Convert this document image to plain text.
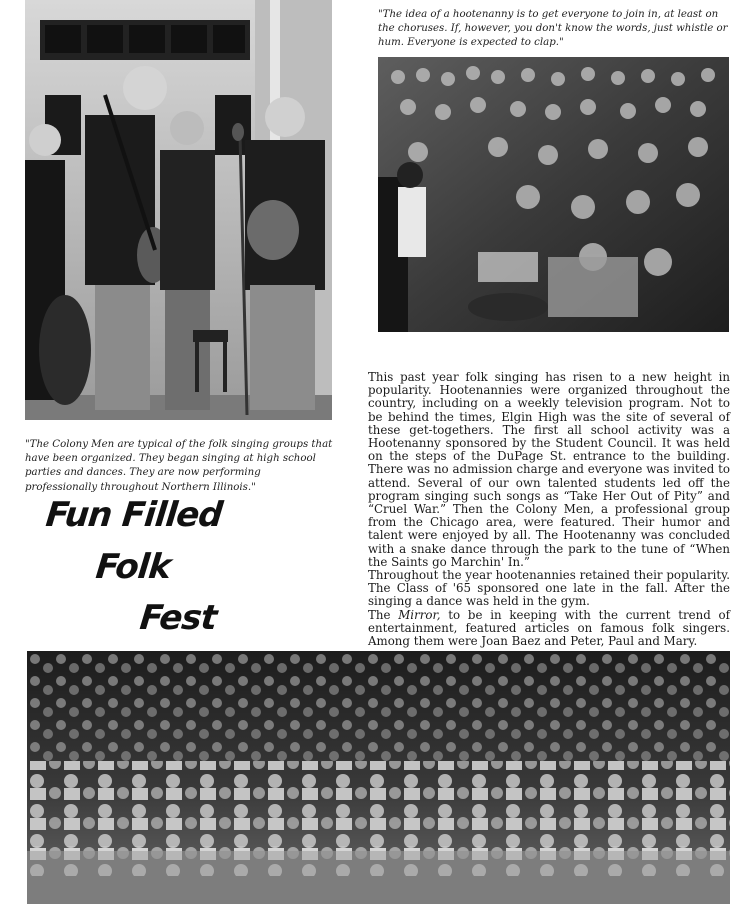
"The idea of a hootenanny is to get everyone to join in, at least on the choruses. If, however, you don't know the words, just whistle or hum. Everyone is expected to clap."
"The Colony Men are typical of the folk singing groups that have been organized. They began singing at high school parties and dances. They are now performing professionally throughout Northern Illinois."
Fun Filled
Folk
Fest

This past year folk singing has risen to a new height in popularity. Hootenannies were organized throughout the country, including on a weekly television program. Not to be behind the times, Elgin High was the site of several of these get-togethers. The first all school activity was a Hootenanny sponsored by the Student Council. It was held on the steps of the DuPage St. entrance to the building. There was no admission charge and everyone was invited to attend. Several of our own talented students led off the program singing such songs as “Take Her Out of Pity” and “Cruel War.” Then the Colony Men, a professional group from the Chicago area, were featured. Their humor and talent were enjoyed by all. The Hootenanny was concluded with a snake dance through the park to the tune of “When the Saints go Marchin' In.”

Throughout the year hootenannies retained their popularity. The Class of '65 sponsored one late in the fall. After the singing a dance was held in the gym.

The Mirror, to be in keeping with the current trend of entertainment, featured articles on famous folk singers. Among them were Joan Baez and Peter, Paul and Mary.
